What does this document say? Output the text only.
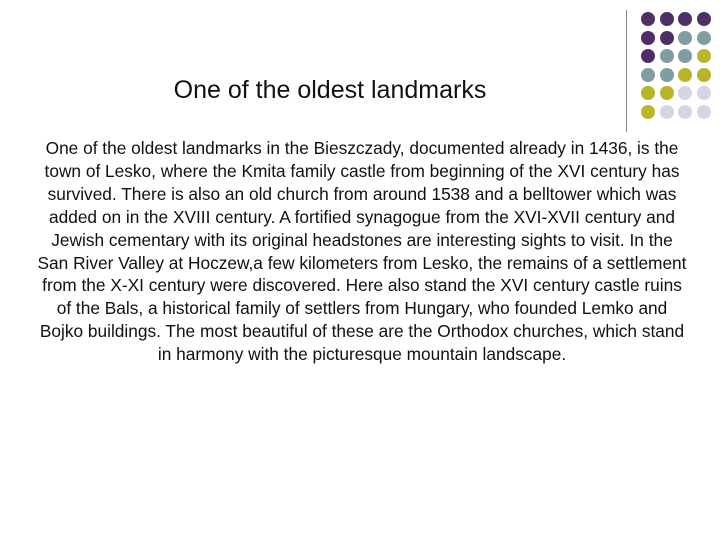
One of the oldest landmarks

One of the oldest landmarks in the Bieszczady, documented already in 1436, is the town of Lesko, where the Kmita family castle from beginning of the XVI century has survived. There is also an old church from around 1538 and a belltower which was added on in the XVIII century. A fortified synagogue from the XVI-XVII century and Jewish cementary with its original headstones are interesting sights to visit. In the San River Valley at Hoczew,a few kilometers from Lesko, the remains of a settlement from the X-XI century were discovered. Here also stand the XVI century castle ruins of the Bals, a historical family of settlers from Hungary, who founded Lemko and Bojko buildings. The most beautiful of these are the Orthodox churches, which stand in harmony with the picturesque mountain landscape.
